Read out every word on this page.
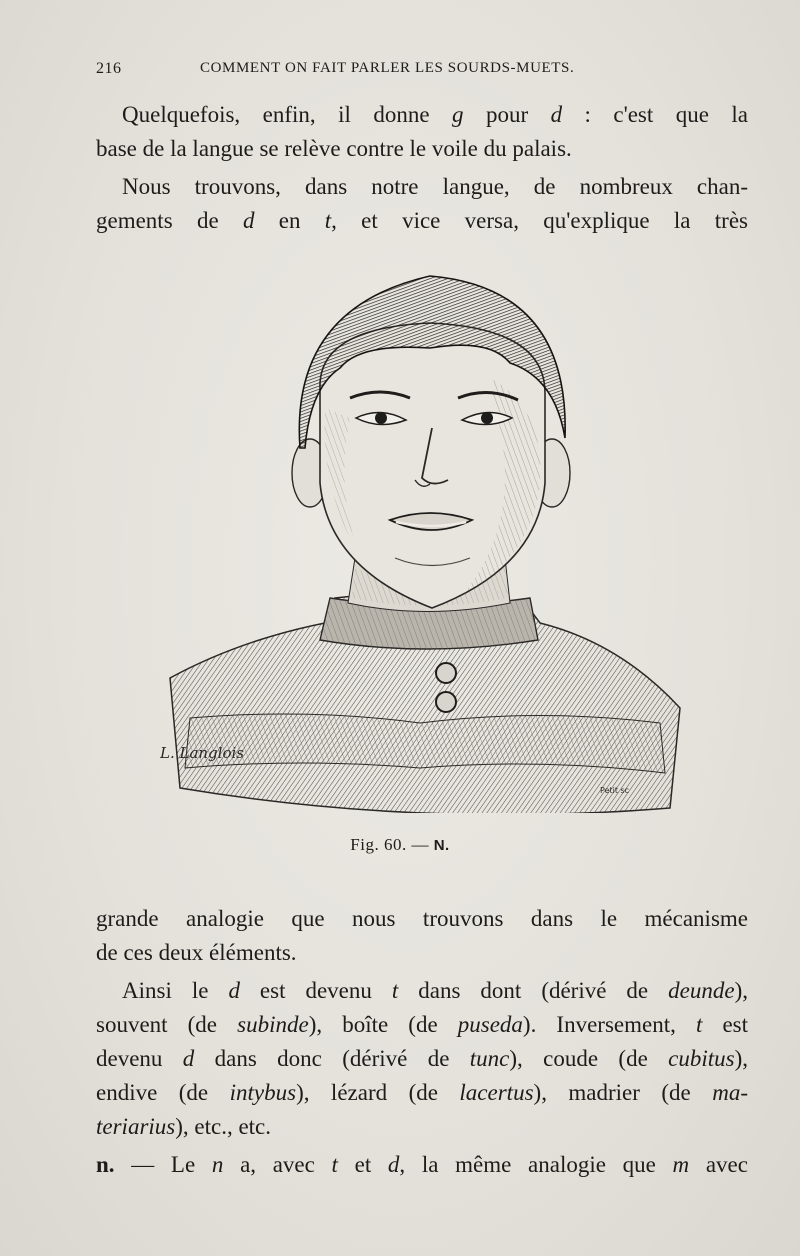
216	COMMENT ON FAIT PARLER LES SOURDS-MUETS.
Quelquefois, enfin, il donne g pour d : c'est que la
base de la langue se relève contre le voile du palais.
Nous trouvons, dans notre langue, de nombreux chan-
gements de d en t, et vice versa, qu'explique la très
L. Langlois
Petit sc
Fig. 60. — N.
grande analogie que nous trouvons dans le mécanisme
de ces deux éléments.
Ainsi le d est devenu t dans dont (dérivé de deunde),
souvent (de subinde), boîte (de puseda). Inversement, t est
devenu d dans donc (dérivé de tunc), coude (de cubitus),
endive (de intybus), lézard (de lacertus), madrier (de ma-
teriarius), etc., etc.
n. — Le n a, avec t et d, la même analogie que m avec
